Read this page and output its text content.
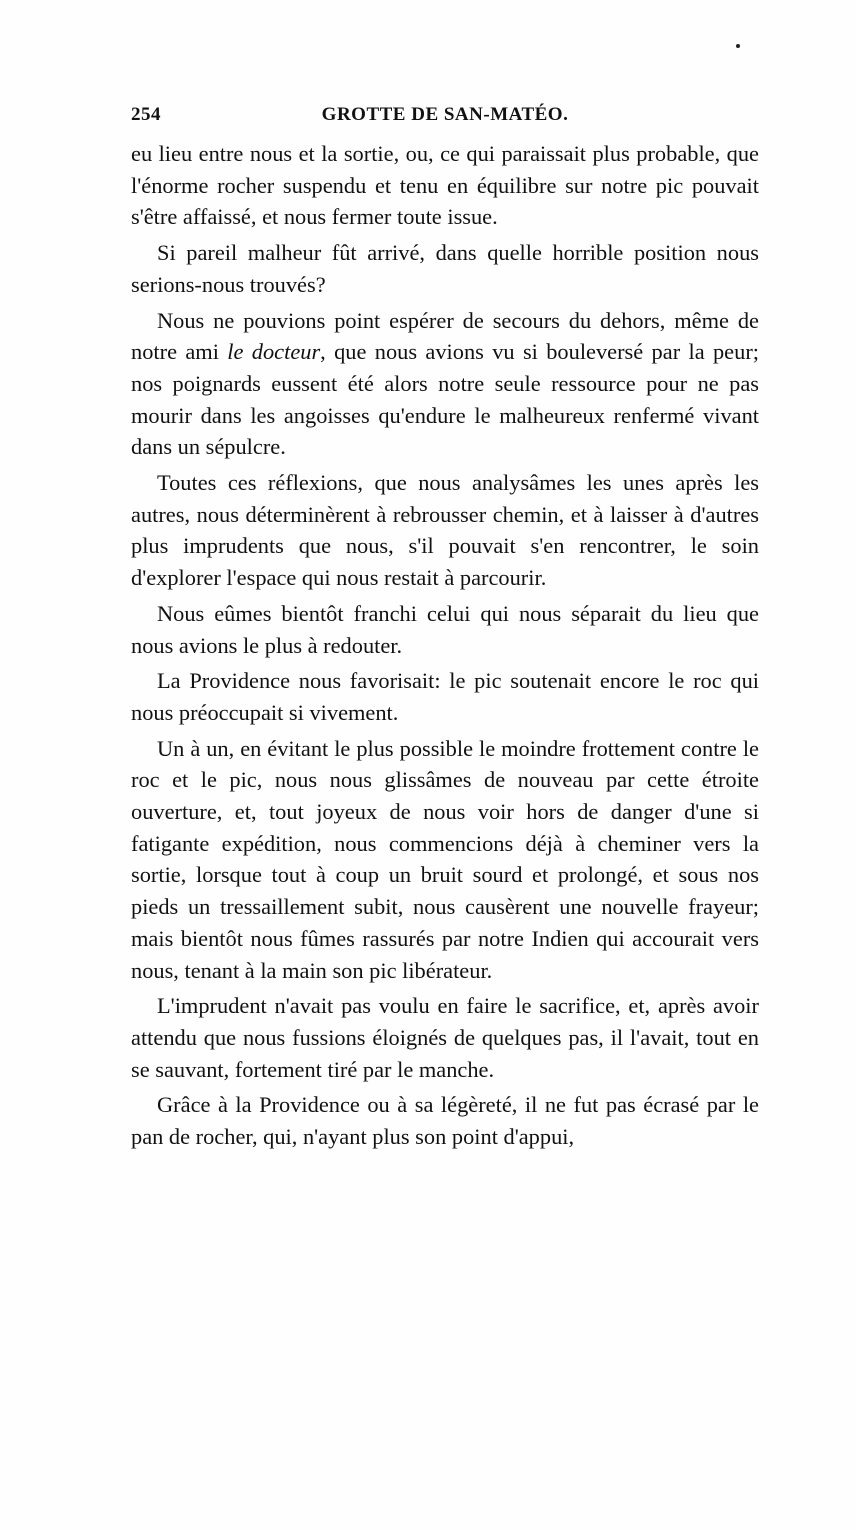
254	GROTTE DE SAN-MATÉO.

eu lieu entre nous et la sortie, ou, ce qui paraissait plus probable, que l'énorme rocher suspendu et tenu en équilibre sur notre pic pouvait s'être affaissé, et nous fermer toute issue.

Si pareil malheur fût arrivé, dans quelle horrible position nous serions-nous trouvés?

Nous ne pouvions point espérer de secours du dehors, même de notre ami le docteur, que nous avions vu si bouleversé par la peur; nos poignards eussent été alors notre seule ressource pour ne pas mourir dans les angoisses qu'endure le malheureux renfermé vivant dans un sépulcre.

Toutes ces réflexions, que nous analysâmes les unes après les autres, nous déterminèrent à rebrousser chemin, et à laisser à d'autres plus imprudents que nous, s'il pouvait s'en rencontrer, le soin d'explorer l'espace qui nous restait à parcourir.

Nous eûmes bientôt franchi celui qui nous séparait du lieu que nous avions le plus à redouter.

La Providence nous favorisait: le pic soutenait encore le roc qui nous préoccupait si vivement.

Un à un, en évitant le plus possible le moindre frottement contre le roc et le pic, nous nous glissâmes de nouveau par cette étroite ouverture, et, tout joyeux de nous voir hors de danger d'une si fatigante expédition, nous commencions déjà à cheminer vers la sortie, lorsque tout à coup un bruit sourd et prolongé, et sous nos pieds un tressaillement subit, nous causèrent une nouvelle frayeur; mais bientôt nous fûmes rassurés par notre Indien qui accourait vers nous, tenant à la main son pic libérateur.

L'imprudent n'avait pas voulu en faire le sacrifice, et, après avoir attendu que nous fussions éloignés de quelques pas, il l'avait, tout en se sauvant, fortement tiré par le manche.

Grâce à la Providence ou à sa légèreté, il ne fut pas écrasé par le pan de rocher, qui, n'ayant plus son point d'appui,
